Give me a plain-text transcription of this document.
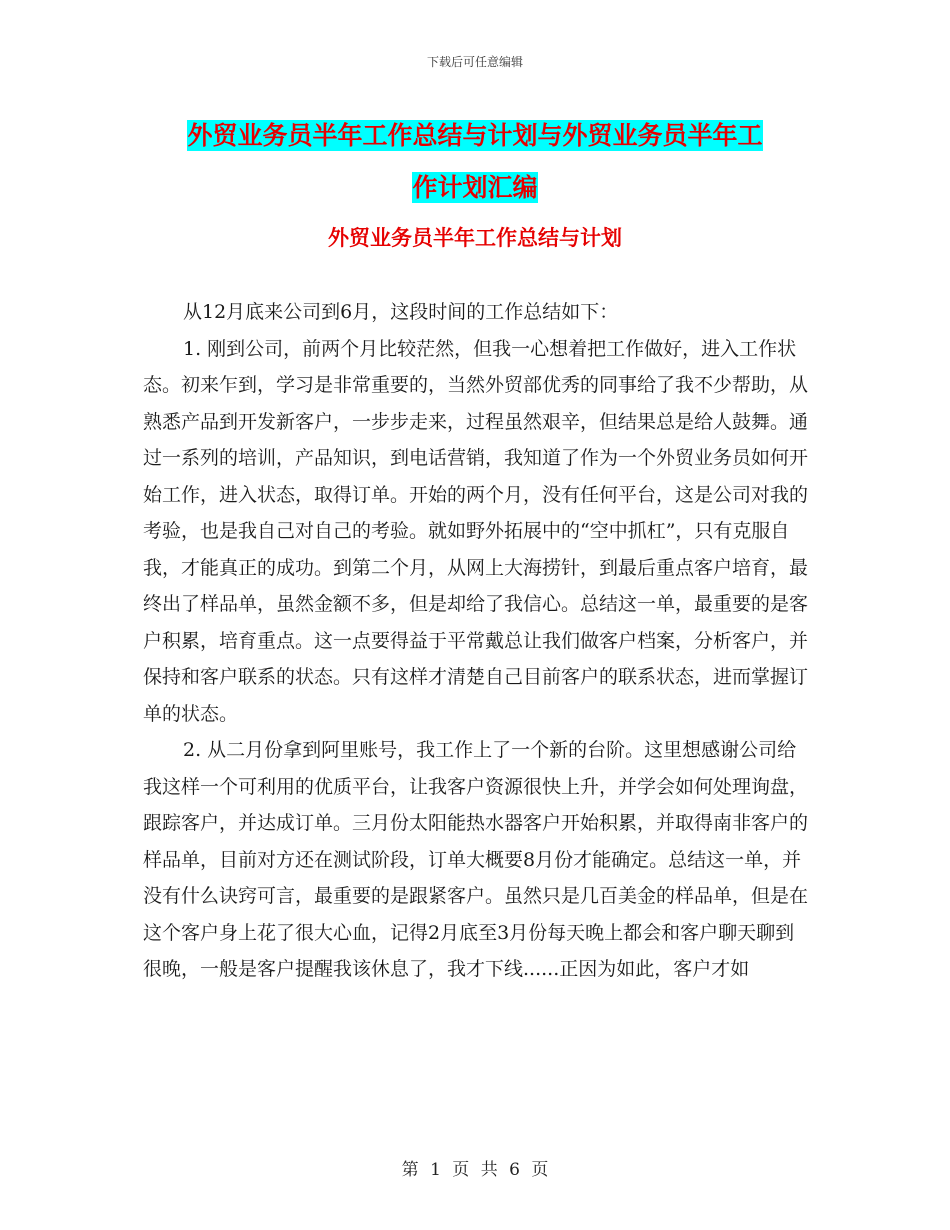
下载后可任意编辑
外贸业务员半年工作总结与计划与外贸业务员半年工
作计划汇编
外贸业务员半年工作总结与计划

从12月底来公司到6月，这段时间的工作总结如下：

1. 刚到公司，前两个月比较茫然，但我一心想着把工作做好，进入工作状态。初来乍到，学习是非常重要的，当然外贸部优秀的同事给了我不少帮助，从熟悉产品到开发新客户，一步步走来，过程虽然艰辛，但结果总是给人鼓舞。通过一系列的培训，产品知识，到电话营销，我知道了作为一个外贸业务员如何开始工作，进入状态，取得订单。开始的两个月，没有任何平台，这是公司对我的考验，也是我自己对自己的考验。就如野外拓展中的“空中抓杠”，只有克服自我，才能真正的成功。到第二个月，从网上大海捞针，到最后重点客户培育，最终出了样品单，虽然金额不多，但是却给了我信心。总结这一单，最重要的是客户积累，培育重点。这一点要得益于平常戴总让我们做客户档案，分析客户，并保持和客户联系的状态。只有这样才清楚自己目前客户的联系状态，进而掌握订单的状态。

2. 从二月份拿到阿里账号，我工作上了一个新的台阶。这里想感谢公司给我这样一个可利用的优质平台，让我客户资源很快上升，并学会如何处理询盘，跟踪客户，并达成订单。三月份太阳能热水器客户开始积累，并取得南非客户的样品单，目前对方还在测试阶段，订单大概要8月份才能确定。总结这一单，并没有什么诀窍可言，最重要的是跟紧客户。虽然只是几百美金的样品单，但是在这个客户身上花了很大心血，记得2月底至3月份每天晚上都会和客户聊天聊到很晚，一般是客户提醒我该休息了，我才下线......正因为如此，客户才如

第 1 页 共 6 页
